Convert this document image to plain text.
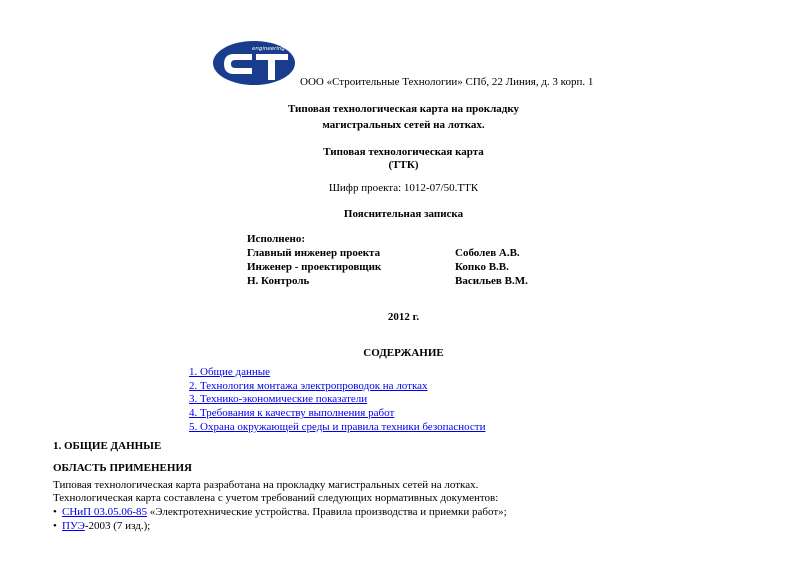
engineering
ООО «Строительные Технологии» СПб, 22 Линия, д. 3 корп. 1
Типовая технологическая карта на прокладку
магистральных сетей на лотках.
Типовая технологическая карта
(ТТК)
Шифр проекта: 1012-07/50.ТТК
Пояснительная записка
Исполнено:
Главный инженер проекта	Соболев А.В.
Инженер - проектировщик	Копко В.В.
Н. Контроль	Васильев В.М.
2012 г.
СОДЕРЖАНИЕ
1. Общие данные
2. Технология монтажа электропроводок на лотках
3. Технико-экономические показатели
4. Требования к качеству выполнения работ
5. Охрана окружающей среды и правила техники безопасности
1. ОБЩИЕ ДАННЫЕ
ОБЛАСТЬ ПРИМЕНЕНИЯ
Типовая технологическая карта разработана на прокладку магистральных сетей на лотках.
Технологическая карта составлена с учетом требований следующих нормативных документов:
• СНиП 03.05.06-85 «Электротехнические устройства. Правила производства и приемки работ»;
• ПУЭ-2003 (7 изд.);
